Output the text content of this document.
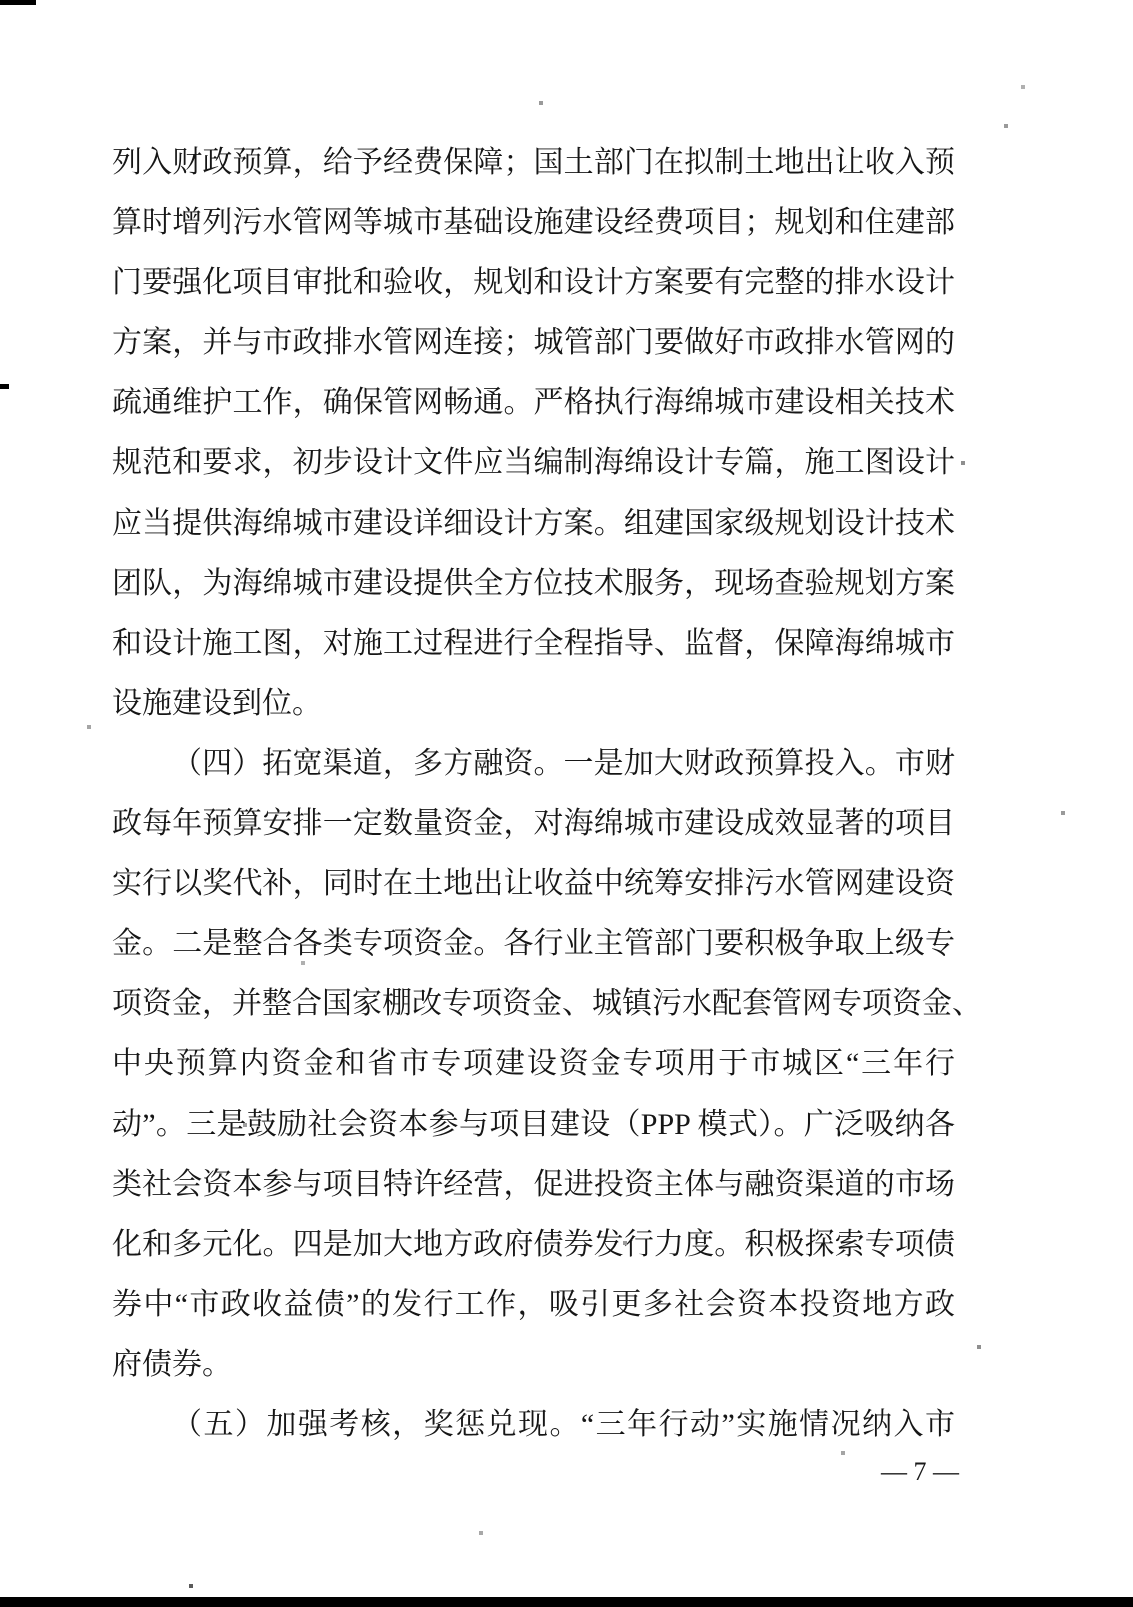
列入财政预算，给予经费保障；国土部门在拟制土地出让收入预
算时增列污水管网等城市基础设施建设经费项目；规划和住建部
门要强化项目审批和验收，规划和设计方案要有完整的排水设计
方案，并与市政排水管网连接；城管部门要做好市政排水管网的
疏通维护工作，确保管网畅通。严格执行海绵城市建设相关技术
规范和要求，初步设计文件应当编制海绵设计专篇，施工图设计
应当提供海绵城市建设详细设计方案。组建国家级规划设计技术
团队，为海绵城市建设提供全方位技术服务，现场查验规划方案
和设计施工图，对施工过程进行全程指导、监督，保障海绵城市
设施建设到位。
（四）拓宽渠道，多方融资。一是加大财政预算投入。市财
政每年预算安排一定数量资金，对海绵城市建设成效显著的项目
实行以奖代补，同时在土地出让收益中统筹安排污水管网建设资
金。二是整合各类专项资金。各行业主管部门要积极争取上级专
项资金，并整合国家棚改专项资金、城镇污水配套管网专项资金、
中央预算内资金和省市专项建设资金专项用于市城区“三年行
动”。三是鼓励社会资本参与项目建设（PPP 模式）。广泛吸纳各
类社会资本参与项目特许经营，促进投资主体与融资渠道的市场
化和多元化。四是加大地方政府债券发行力度。积极探索专项债
券中“市政收益债”的发行工作，吸引更多社会资本投资地方政
府债券。
（五）加强考核，奖惩兑现。“三年行动”实施情况纳入市
— 7 —
